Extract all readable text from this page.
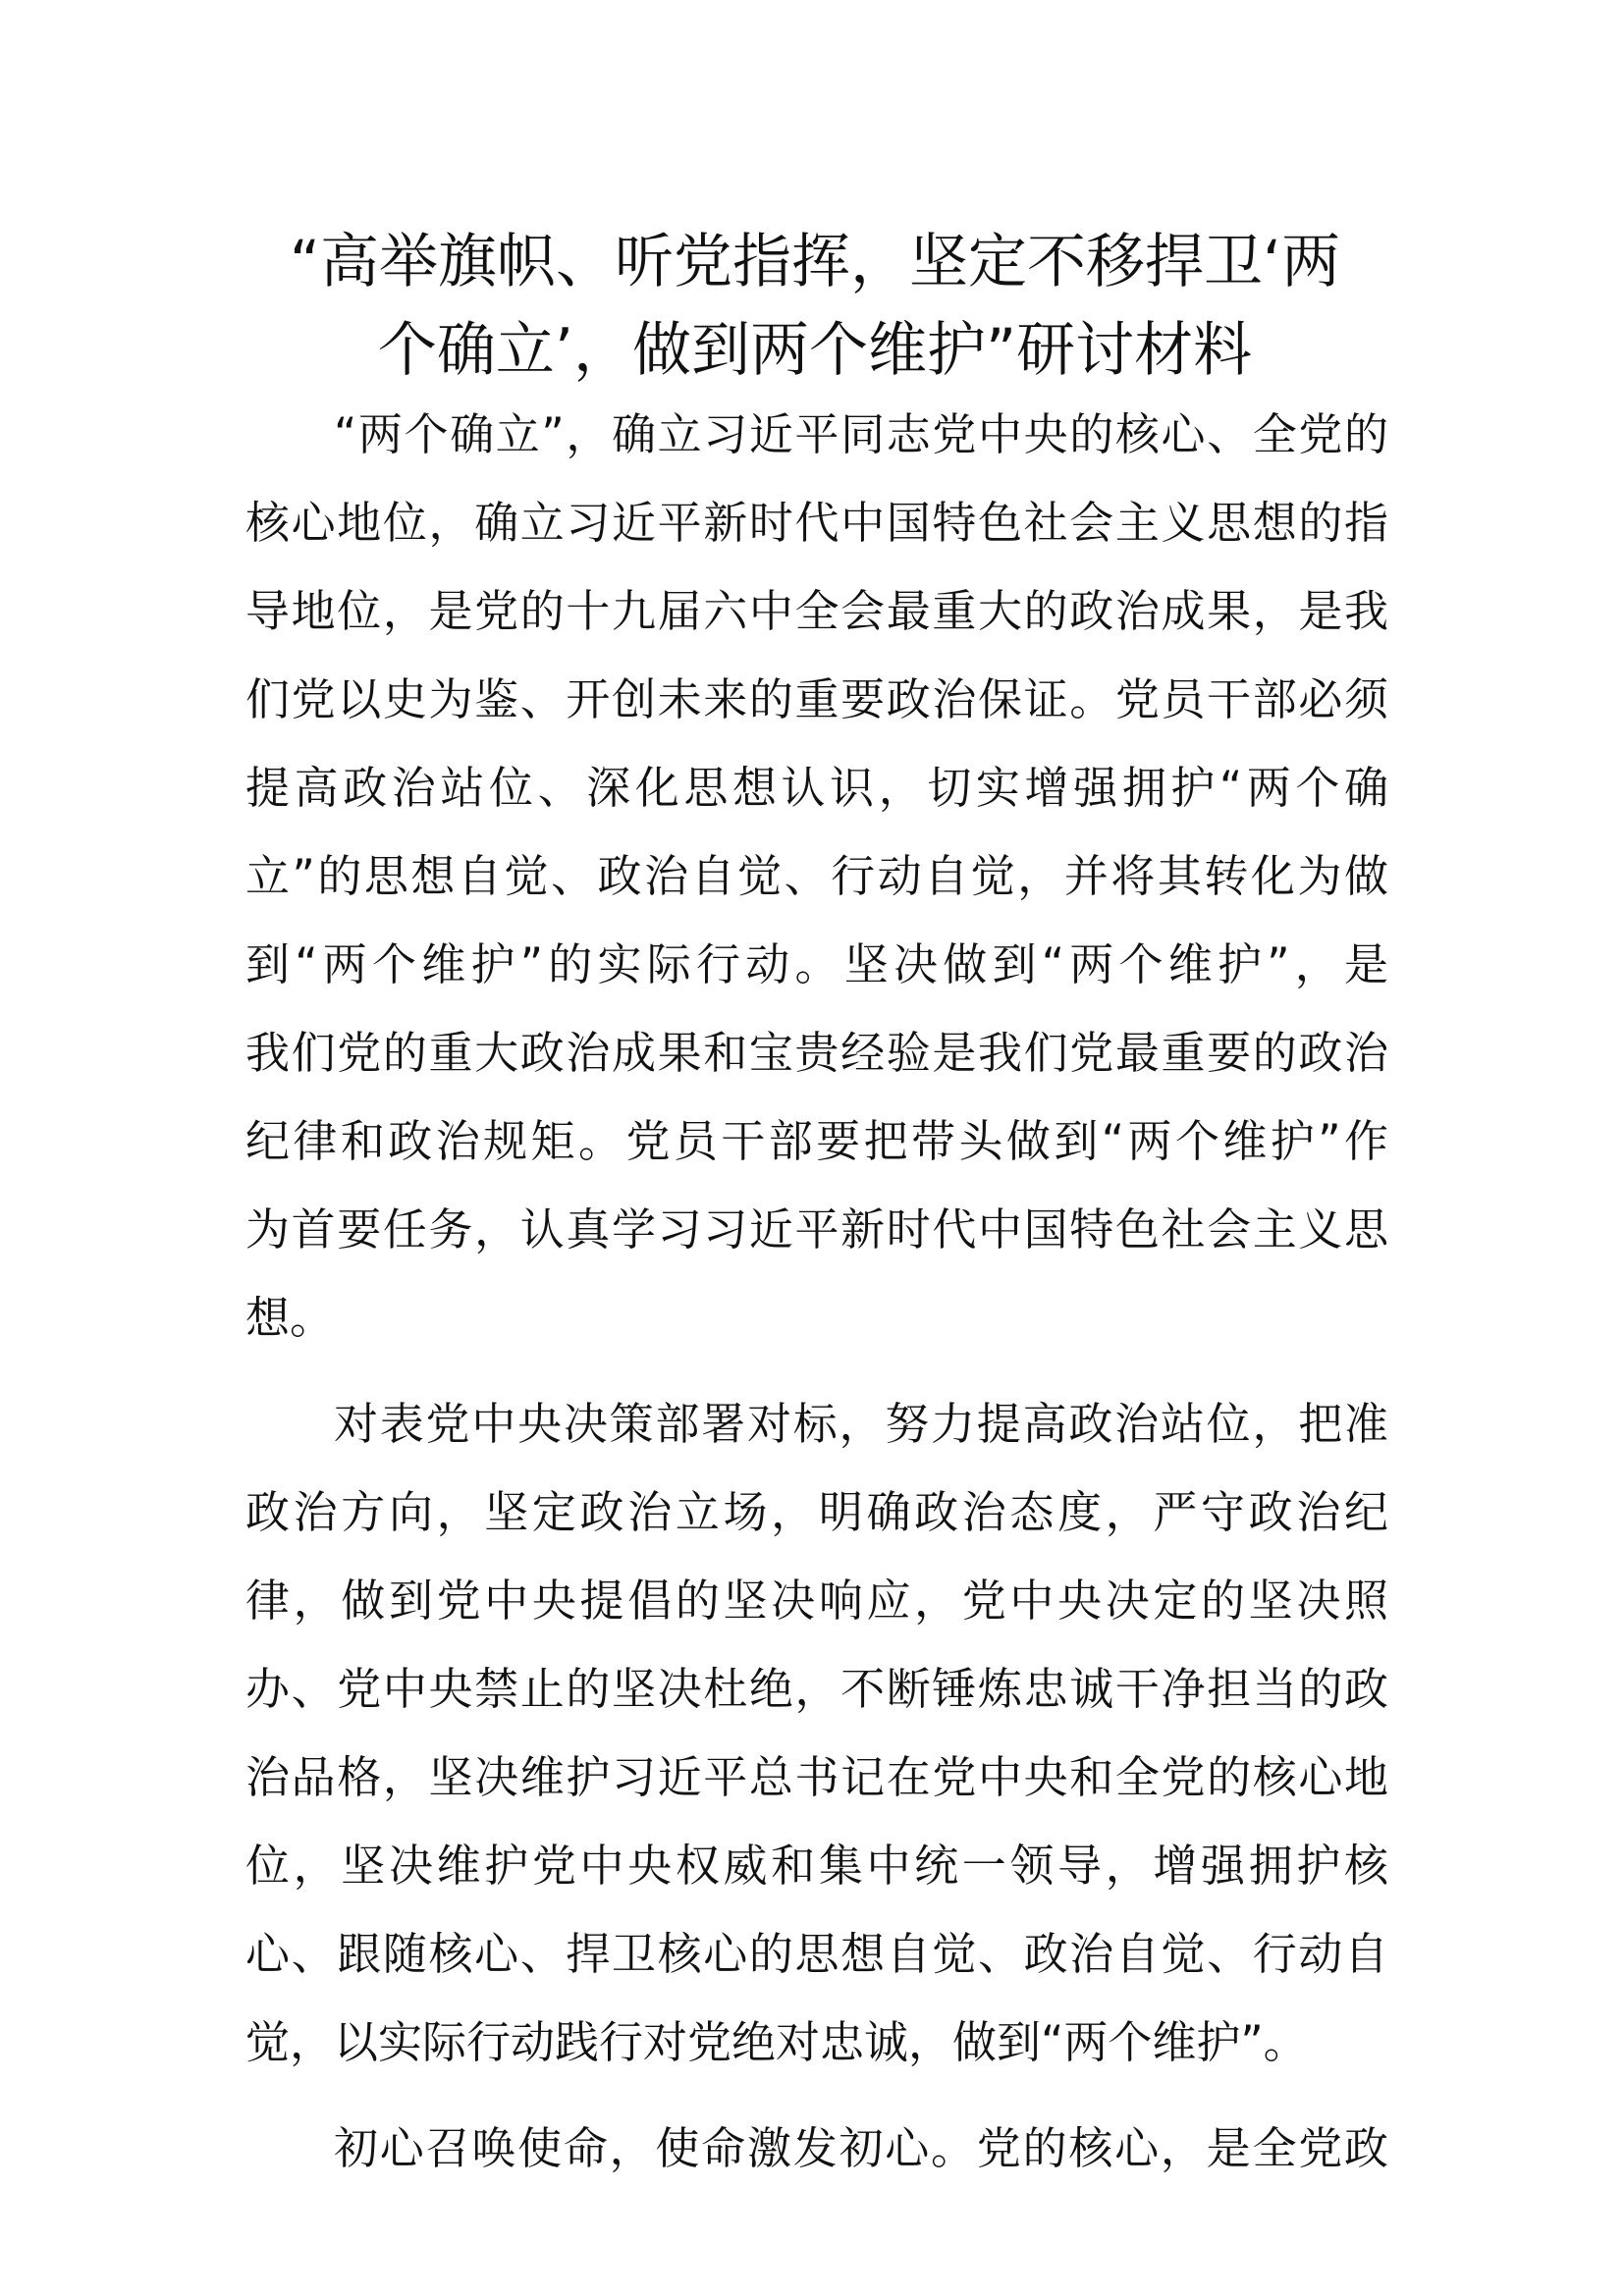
“高举旗帜、听党指挥，坚定不移捍卫‘两
个确立’，做到两个维护”研讨材料

“两个确立”，确立习近平同志党中央的核心、全党的
核心地位，确立习近平新时代中国特色社会主义思想的指
导地位，是党的十九届六中全会最重大的政治成果，是我
们党以史为鉴、开创未来的重要政治保证。党员干部必须
提高政治站位、深化思想认识，切实增强拥护“两个确
立”的思想自觉、政治自觉、行动自觉，并将其转化为做
到“两个维护”的实际行动。坚决做到“两个维护”，是
我们党的重大政治成果和宝贵经验是我们党最重要的政治
纪律和政治规矩。党员干部要把带头做到“两个维护”作
为首要任务，认真学习习近平新时代中国特色社会主义思
想。

对表党中央决策部署对标，努力提高政治站位，把准
政治方向，坚定政治立场，明确政治态度，严守政治纪
律，做到党中央提倡的坚决响应，党中央决定的坚决照
办、党中央禁止的坚决杜绝，不断锤炼忠诚干净担当的政
治品格，坚决维护习近平总书记在党中央和全党的核心地
位，坚决维护党中央权威和集中统一领导，增强拥护核
心、跟随核心、捍卫核心的思想自觉、政治自觉、行动自
觉，以实际行动践行对党绝对忠诚，做到“两个维护”。

初心召唤使命，使命激发初心。党的核心，是全党政
